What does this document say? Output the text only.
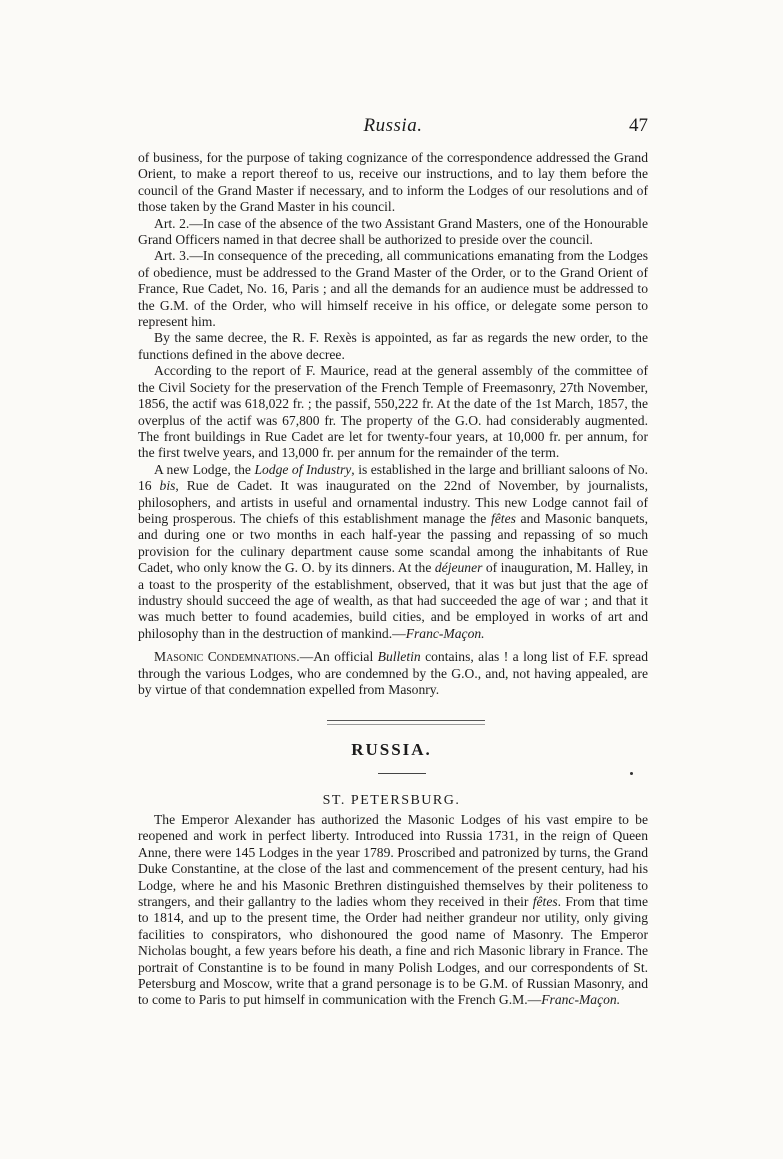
Russia.	47

of business, for the purpose of taking cognizance of the correspondence addressed the Grand Orient, to make a report thereof to us, receive our instructions, and to lay them before the council of the Grand Master if necessary, and to inform the Lodges of our resolutions and of those taken by the Grand Master in his council.

Art. 2.—In case of the absence of the two Assistant Grand Masters, one of the Honourable Grand Officers named in that decree shall be authorized to preside over the council.

Art. 3.—In consequence of the preceding, all communications emanating from the Lodges of obedience, must be addressed to the Grand Master of the Order, or to the Grand Orient of France, Rue Cadet, No. 16, Paris ; and all the demands for an audience must be addressed to the G.M. of the Order, who will himself receive in his office, or delegate some person to represent him.

By the same decree, the R. F. Rexès is appointed, as far as regards the new order, to the functions defined in the above decree.

According to the report of F. Maurice, read at the general assembly of the committee of the Civil Society for the preservation of the French Temple of Freemasonry, 27th November, 1856, the actif was 618,022 fr. ; the passif, 550,222 fr. At the date of the 1st March, 1857, the overplus of the actif was 67,800 fr. The property of the G.O. had considerably augmented. The front buildings in Rue Cadet are let for twenty-four years, at 10,000 fr. per annum, for the first twelve years, and 13,000 fr. per annum for the remainder of the term.

A new Lodge, the Lodge of Industry, is established in the large and brilliant saloons of No. 16 bis, Rue de Cadet. It was inaugurated on the 22nd of November, by journalists, philosophers, and artists in useful and ornamental industry. This new Lodge cannot fail of being prosperous. The chiefs of this establishment manage the fêtes and Masonic banquets, and during one or two months in each half-year the passing and repassing of so much provision for the culinary department cause some scandal among the inhabitants of Rue Cadet, who only know the G. O. by its dinners. At the déjeuner of inauguration, M. Halley, in a toast to the prosperity of the establishment, observed, that it was but just that the age of industry should succeed the age of wealth, as that had succeeded the age of war ; and that it was much better to found academies, build cities, and be employed in works of art and philosophy than in the destruction of mankind.—Franc-Maçon.

Masonic Condemnations.—An official Bulletin contains, alas ! a long list of F.F. spread through the various Lodges, who are condemned by the G.O., and, not having appealed, are by virtue of that condemnation expelled from Masonry.

RUSSIA.
ST. PETERSBURG.

The Emperor Alexander has authorized the Masonic Lodges of his vast empire to be reopened and work in perfect liberty. Introduced into Russia 1731, in the reign of Queen Anne, there were 145 Lodges in the year 1789. Proscribed and patronized by turns, the Grand Duke Constantine, at the close of the last and commencement of the present century, had his Lodge, where he and his Masonic Brethren distinguished themselves by their politeness to strangers, and their gallantry to the ladies whom they received in their fêtes. From that time to 1814, and up to the present time, the Order had neither grandeur nor utility, only giving facilities to conspirators, who dishonoured the good name of Masonry. The Emperor Nicholas bought, a few years before his death, a fine and rich Masonic library in France. The portrait of Constantine is to be found in many Polish Lodges, and our correspondents of St. Petersburg and Moscow, write that a grand personage is to be G.M. of Russian Masonry, and to come to Paris to put himself in communication with the French G.M.—Franc-Maçon.
